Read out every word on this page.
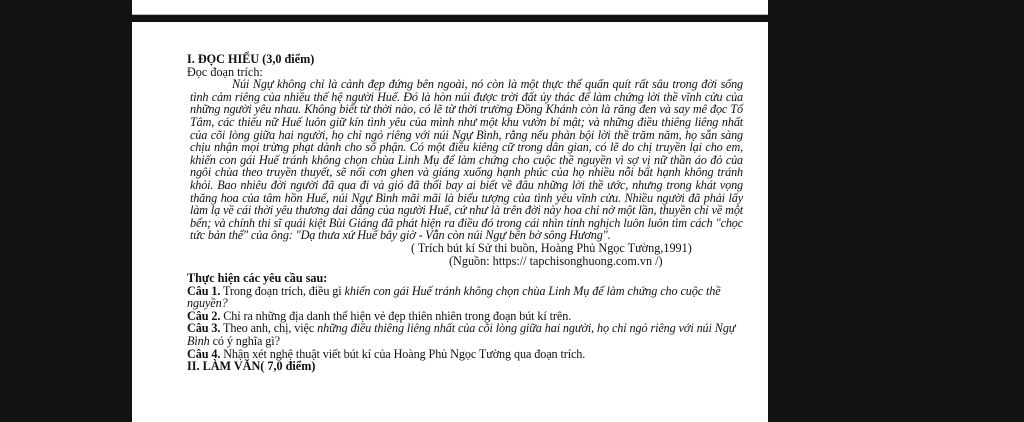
I. ĐỌC HIỂU (3,0 điểm)

Đọc đoạn trích:

Núi Ngự không chỉ là cảnh đẹp đứng bên ngoài, nó còn là một thực thể quấn quít rất sâu trong đời sống tình cảm riêng của nhiều thế hệ người Huế. Đó là hòn núi được trời đất ủy thác để làm chứng lời thề vĩnh cửu của những người yêu nhau. Không biết từ thời nào, có lẽ từ thời trường Đồng Khánh còn là răng đen và say mê đọc Tố Tâm, các thiếu nữ Huế luôn giữ kín tình yêu của mình như một khu vườn bí mật; và những điều thiêng liêng nhất của cõi lòng giữa hai người, họ chỉ ngỏ riêng với núi Ngự Bình, rằng nếu phản bội lời thề trăm năm, họ sẵn sàng chịu nhận mọi trừng phạt dành cho số phận. Có một điều kiêng cữ trong dân gian, có lẽ do chị truyền lại cho em, khiến con gái Huế tránh không chọn chùa Linh Mụ để làm chứng cho cuộc thề nguyền vì sợ vị nữ thần áo đỏ của ngôi chùa theo truyền thuyết, sẽ nổi cơn ghen và giáng xuống hạnh phúc của họ nhiều nỗi bất hạnh không tránh khỏi. Bao nhiêu đời người đã qua đi và gió đã thổi bay ai biết về đâu những lời thề ước, nhưng trong khát vọng thăng hoa của tâm hồn Huế, núi Ngự Bình mãi mãi là biểu tượng của tình yêu vĩnh cửu. Nhiều người đã phải lấy làm lạ về cái thời yêu thương dai dẳng của người Huế, cứ như là trên đời này hoa chỉ nở một lần, thuyền chỉ về một bến; và chính thi sĩ quái kiệt Bùi Giáng đã phát hiện ra điều đó trong cái nhìn tinh nghịch luôn luôn tìm cách "chọc tức bản thể" của ông: "Dạ thưa xứ Huế bây giờ - Vẫn còn núi Ngự bên bờ sông Hương".

( Trích bút kí Sử thi buồn, Hoàng Phủ Ngọc Tường,1991)

(Nguồn: https:// tapchisonghuong.com.vn /)

Thực hiện các yêu cầu sau:

Câu 1. Trong đoạn trích, điều gì khiến con gái Huế tránh không chọn chùa Linh Mụ để làm chứng cho cuộc thề nguyền?

Câu 2. Chỉ ra những địa danh thể hiện vẻ đẹp thiên nhiên trong đoạn bút kí trên.

Câu 3. Theo anh, chị, việc những điều thiêng liêng nhất của cõi lòng giữa hai người, họ chỉ ngỏ riêng với núi Ngự Bình có ý nghĩa gì?

Câu 4. Nhận xét nghệ thuật viết bút kí của Hoàng Phủ Ngọc Tường qua đoạn trích.

II. LÀM VĂN( 7,0 điểm)
